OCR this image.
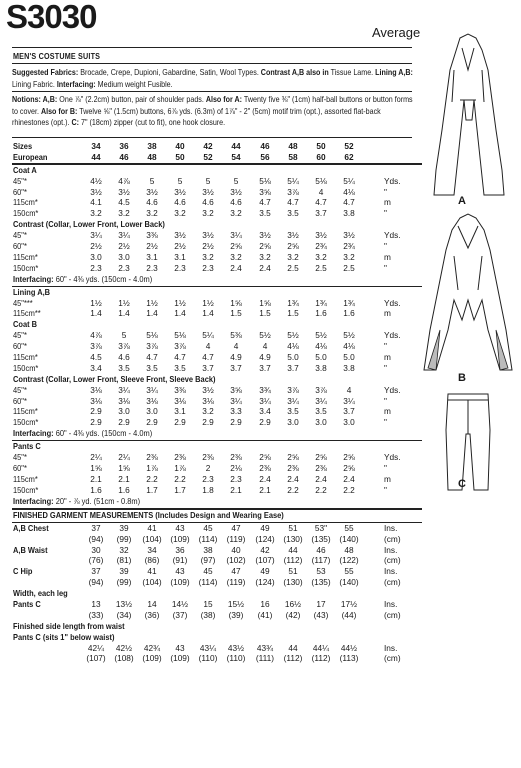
S3030	Average
MEN'S COSTUME SUITS
Suggested Fabrics: Brocade, Crepe, Dupioni, Gabardine, Satin, Wool Types. Contrast A,B also in Tissue Lame. Lining A,B: Lining Fabric. Interfacing: Medium weight Fusible.
Notions: A,B: One ⅞" (2.2cm) button, pair of shoulder pads. Also for A: Twenty five ⅜" (1cm) half-ball buttons or button forms to cover. Also for B: Twelve ⅝" (1.5cm) buttons, 6⅞ yds. (6.3m) of 1⅞" - 2" (5cm) motif trim (opt.), assorted flat-back rhinestones (opt.). C: 7" (18cm) zipper (cut to fit), one hook closure.
Sizes	34	36	38	40	42	44	46	48	50	52
European	44	46	48	50	52	54	56	58	60	62
Coat A
45"*	4½	4⅞	5	5	5	5	5⅛	5¼	5⅛	5¼	Yds.
60"*	3½	3½	3½	3½	3½	3½	3⅝	3⅞	4	4⅛	"
115cm*	4.1	4.5	4.6	4.6	4.6	4.6	4.7	4.7	4.7	4.7	m
150cm*	3.2	3.2	3.2	3.2	3.2	3.2	3.5	3.5	3.7	3.8	"
Contrast (Collar, Lower Front, Lower Back)
45"*	3¼	3¼	3⅜	3½	3½	3¼	3½	3½	3½	3½	Yds.
60"*	2½	2½	2½	2½	2½	2⅝	2⅝	2⅝	2¾	2¾	"
115cm*	3.0	3.0	3.1	3.1	3.2	3.2	3.2	3.2	3.2	3.2	m
150cm*	2.3	2.3	2.3	2.3	2.3	2.4	2.4	2.5	2.5	2.5	"
Interfacing: 60" - 4⅜ yds. (150cm - 4.0m)
Lining A,B
45"***	1½	1½	1½	1½	1½	1⅝	1⅝	1¾	1¾	1¾	Yds.
115cm**	1.4	1.4	1.4	1.4	1.4	1.5	1.5	1.5	1.6	1.6	m
Coat B
45"*	4⅞	5	5⅛	5⅛	5¼	5⅜	5½	5½	5½	5½	Yds.
60"*	3⅞	3⅞	3⅞	3⅞	4	4	4	4⅛	4⅛	4⅛	"
115cm*	4.5	4.6	4.7	4.7	4.7	4.9	4.9	5.0	5.0	5.0	m
150cm*	3.4	3.5	3.5	3.5	3.7	3.7	3.7	3.7	3.8	3.8	"
Contrast (Collar, Lower Front, Sleeve Front, Sleeve Back)
45"*	3⅛	3¼	3¼	3⅜	3½	3⅝	3¾	3⅞	3⅞	4	Yds.
60"*	3⅛	3⅛	3⅛	3⅛	3⅛	3¼	3¼	3¼	3¼	3¼	"
115cm*	2.9	3.0	3.0	3.1	3.2	3.3	3.4	3.5	3.5	3.7	m
150cm*	2.9	2.9	2.9	2.9	2.9	2.9	2.9	3.0	3.0	3.0	"
Interfacing: 60" - 4⅜ yds. (150cm - 4.0m)
Pants C
45"*	2¼	2¼	2⅜	2⅜	2⅜	2⅜	2⅝	2⅝	2⅝	2⅝	Yds.
60"*	1⅝	1⅝	1⅞	1⅞	2	2⅛	2⅜	2⅜	2⅜	2⅝	"
115cm*	2.1	2.1	2.2	2.2	2.3	2.3	2.4	2.4	2.4	2.4	m
150cm*	1.6	1.6	1.7	1.7	1.8	2.1	2.1	2.2	2.2	2.2	"
Interfacing: 20" - ⅞ yd. (51cm - 0.8m)
FINISHED GARMENT MEASUREMENTS (Includes Design and Wearing Ease)
A,B Chest	37	39	41	43	45	47	49	51	53"	55	Ins.
(94)	(99)	(104)	(109)	(114)	(119)	(124)	(130)	(135)	(140)	(cm)
A,B Waist	30	32	34	36	38	40	42	44	46	48	Ins.
(76)	(81)	(86)	(91)	(97)	(102)	(107)	(112)	(117)	(122)	(cm)
C Hip	37	39	41	43	45	47	49	51	53	55	Ins.
(94)	(99)	(104)	(109)	(114)	(119)	(124)	(130)	(135)	(140)	(cm)
Width, each leg
Pants C	13	13½	14	14½	15	15½	16	16½	17	17½	Ins.
(33)	(34)	(36)	(37)	(38)	(39)	(41)	(42)	(43)	(44)	(cm)
Finished side length from waist
Pants C (sits 1" below waist)
42¼	42½	42¾	43	43¼	43½	43¾	44	44¼	44½	Ins.
(107)	(108)	(109)	(109)	(110)	(110)	(111)	(112)	(112)	(113)	(cm)
A
B
C
